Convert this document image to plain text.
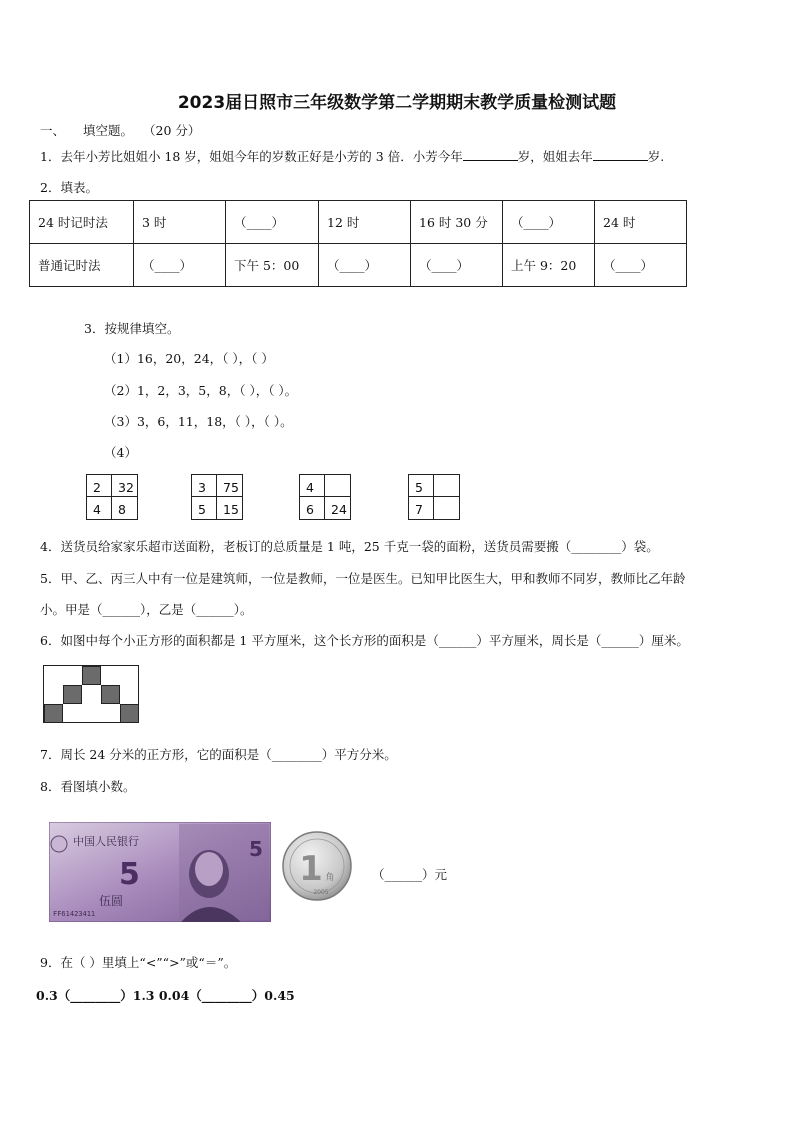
2023届日照市三年级数学第二学期期末教学质量检测试题
一、 填空题。 （20 分）
1．去年小芳比姐姐小 18 岁，姐姐今年的岁数正好是小芳的 3 倍．小芳今年	岁，姐姐去年	岁.
2．填表。
24 时记时法	3 时	（____）	12 时	16 时 30 分	（____）	24 时
普通记时法	（____）	下午 5：00	（____）	（____）	上午 9：20	（____）
3．按规律填空。
（1）16，20，24，（ ），（ ）
（2）1，2，3，5，8，（ ），（ ）。
（3）3，6，11，18，（ ），（ ）。
（4）
2	32
4	8
3	75
5	15
4
6	24
5
7
4．送货员给家家乐超市送面粉，老板订的总质量是 1 吨，25 千克一袋的面粉，送货员需要搬（________）袋。
5．甲、乙、丙三人中有一位是建筑师，一位是教师，一位是医生。已知甲比医生大，甲和教师不同岁，教师比乙年龄
小。甲是（______），乙是（______）。
6．如图中每个小正方形的面积都是 1 平方厘米，这个长方形的面积是（______）平方厘米，周长是（______）厘米。
7．周长 24 分米的正方形，它的面积是（________）平方分米。
8．看图填小数。
中国人民银行
5
伍圆
FF61423411
5 1 角
2005
（______）元
9．在（ ）里填上“<”“>”或“＝”。
0.3（________）1.3 0.04（________）0.45
